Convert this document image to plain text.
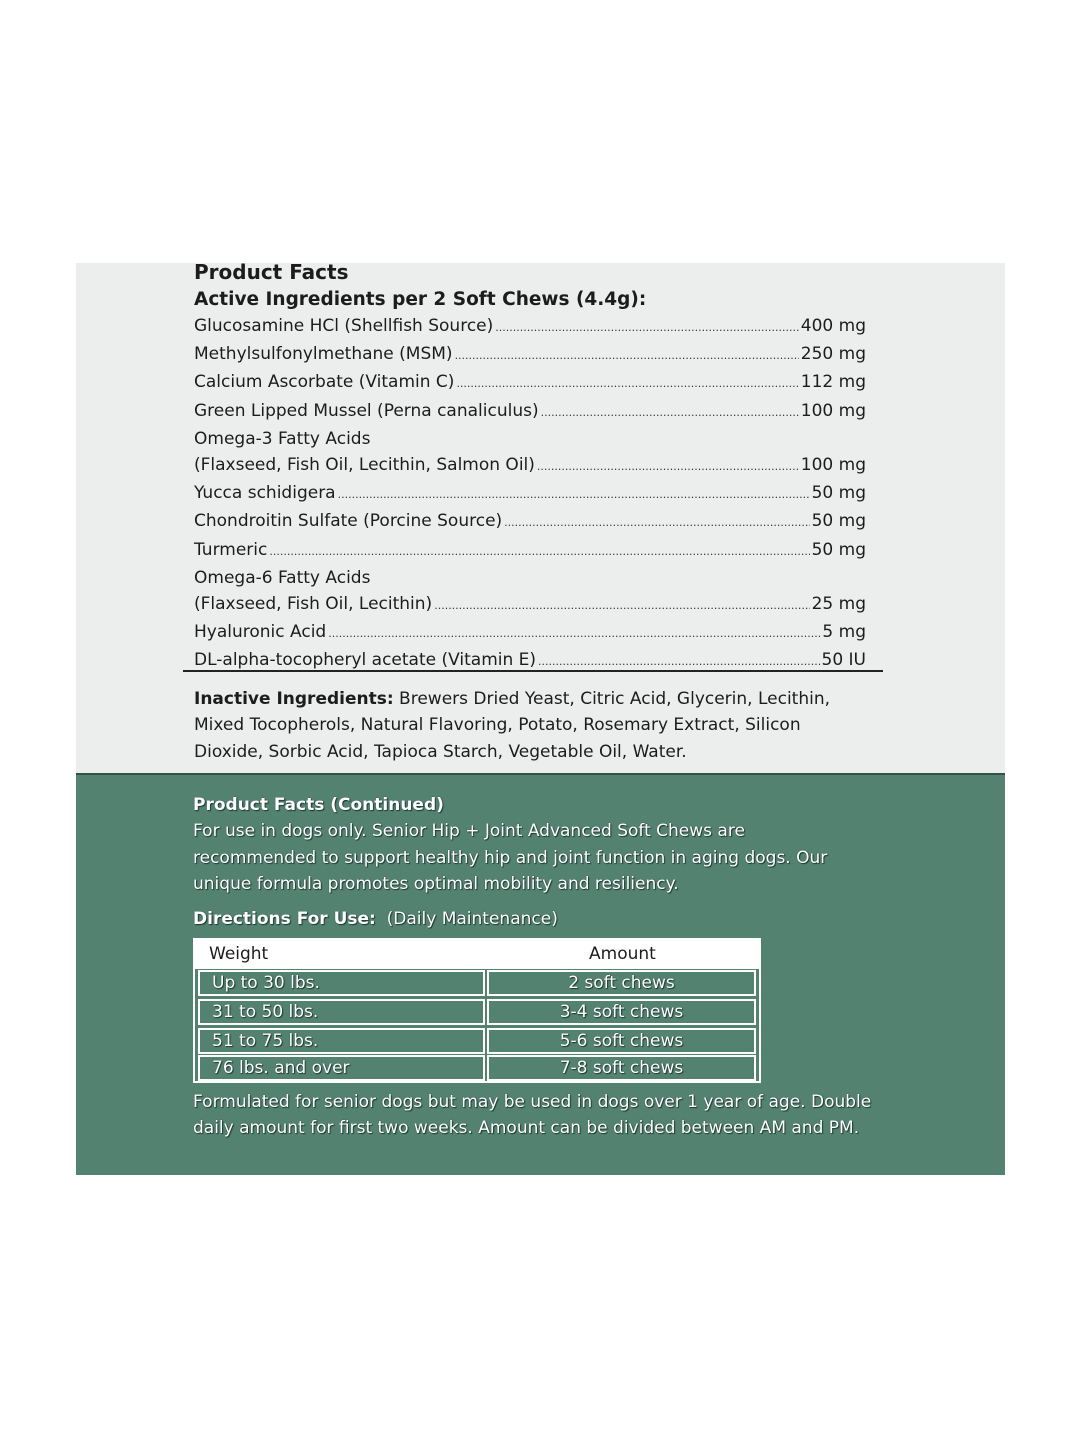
Product Facts
Active Ingredients per 2 Soft Chews (4.4g):
Glucosamine HCl (Shellfish Source) .....	400 mg
Methylsulfonylmethane (MSM) .....	250 mg
Calcium Ascorbate (Vitamin C) .....	112 mg
Green Lipped Mussel (Perna canaliculus) .....	100 mg
Omega-3 Fatty Acids
(Flaxseed, Fish Oil, Lecithin, Salmon Oil) .....	100 mg
Yucca schidigera .....	50 mg
Chondroitin Sulfate (Porcine Source) .....	50 mg
Turmeric .....	50 mg
Omega-6 Fatty Acids
(Flaxseed, Fish Oil, Lecithin) .....	25 mg
Hyaluronic Acid .....	5 mg
DL-alpha-tocopheryl acetate (Vitamin E) .....	50 IU
Inactive Ingredients: Brewers Dried Yeast, Citric Acid, Glycerin, Lecithin, Mixed Tocopherols, Natural Flavoring, Potato, Rosemary Extract, Silicon Dioxide, Sorbic Acid, Tapioca Starch, Vegetable Oil, Water.
Product Facts (Continued)
For use in dogs only. Senior Hip + Joint Advanced Soft Chews are recommended to support healthy hip and joint function in aging dogs. Our unique formula promotes optimal mobility and resiliency.
Directions For Use: (Daily Maintenance)
Weight	Amount
Up to 30 lbs.	2 soft chews
31 to 50 lbs.	3-4 soft chews
51 to 75 lbs.	5-6 soft chews
76 lbs. and over	7-8 soft chews
Formulated for senior dogs but may be used in dogs over 1 year of age. Double daily amount for first two weeks. Amount can be divided between AM and PM.
